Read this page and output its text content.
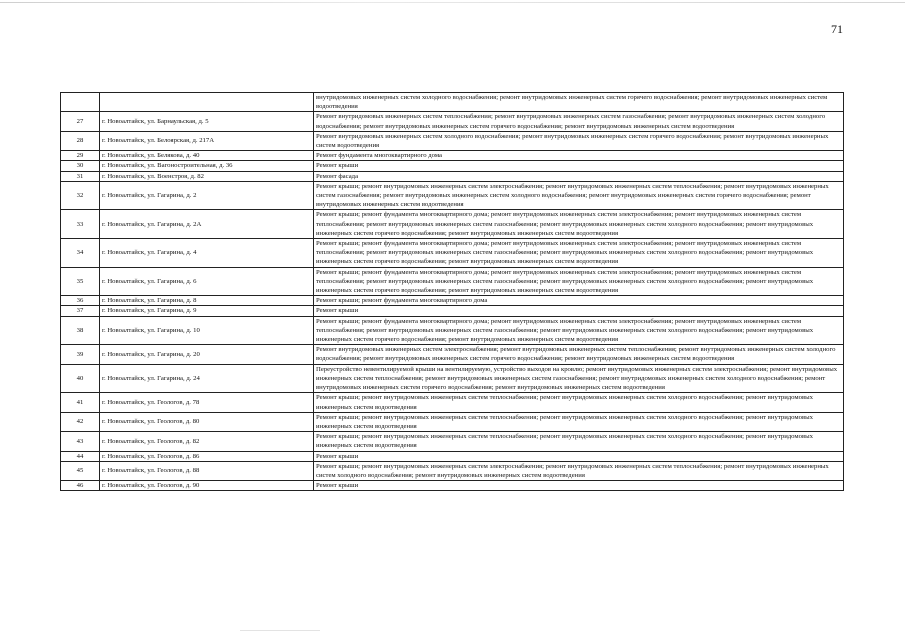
71
		внутридомовых инженерных систем холодного водоснабжения; ремонт внутридомовых инженерных систем горячего водоснабжения; ремонт внутридомовых инженерных систем водоотведения
27	г. Новоалтайск, ул. Барнаульская, д. 5	Ремонт внутридомовых инженерных систем теплоснабжения; ремонт внутридомовых инженерных систем газоснабжения; ремонт внутридомовых инженерных систем холодного водоснабжения; ремонт внутридомовых инженерных систем горячего водоснабжения; ремонт внутридомовых инженерных систем водоотведения
28	г. Новоалтайск, ул. Белоярская, д. 217А	Ремонт внутридомовых инженерных систем холодного водоснабжения; ремонт внутридомовых инженерных систем горячего водоснабжения; ремонт внутридомовых инженерных систем водоотведения
29	г. Новоалтайск, ул. Белякова, д. 40	Ремонт фундамента многоквартирного дома
30	г. Новоалтайск, ул. Вагоностроительная, д. 36	Ремонт крыши
31	г. Новоалтайск, ул. Военстроя, д. 82	Ремонт фасада
32	г. Новоалтайск, ул. Гагарина, д. 2	Ремонт крыши; ремонт внутридомовых инженерных систем электроснабжения; ремонт внутридомовых инженерных систем теплоснабжения; ремонт внутридомовых инженерных систем газоснабжения; ремонт внутридомовых инженерных систем холодного водоснабжения; ремонт внутридомовых инженерных систем горячего водоснабжения; ремонт внутридомовых инженерных систем водоотведения
33	г. Новоалтайск, ул. Гагарина, д. 2А	Ремонт крыши; ремонт фундамента многоквартирного дома; ремонт внутридомовых инженерных систем электроснабжения; ремонт внутридомовых инженерных систем теплоснабжения; ремонт внутридомовых инженерных систем газоснабжения; ремонт внутридомовых инженерных систем холодного водоснабжения; ремонт внутридомовых инженерных систем горячего водоснабжения; ремонт внутридомовых инженерных систем водоотведения
34	г. Новоалтайск, ул. Гагарина, д. 4	Ремонт крыши; ремонт фундамента многоквартирного дома; ремонт внутридомовых инженерных систем электроснабжения; ремонт внутридомовых инженерных систем теплоснабжения; ремонт внутридомовых инженерных систем газоснабжения; ремонт внутридомовых инженерных систем холодного водоснабжения; ремонт внутридомовых инженерных систем горячего водоснабжения; ремонт внутридомовых инженерных систем водоотведения
35	г. Новоалтайск, ул. Гагарина, д. 6	Ремонт крыши; ремонт фундамента многоквартирного дома; ремонт внутридомовых инженерных систем электроснабжения; ремонт внутридомовых инженерных систем теплоснабжения; ремонт внутридомовых инженерных систем газоснабжения; ремонт внутридомовых инженерных систем холодного водоснабжения; ремонт внутридомовых инженерных систем горячего водоснабжения; ремонт внутридомовых инженерных систем водоотведения
36	г. Новоалтайск, ул. Гагарина, д. 8	Ремонт крыши; ремонт фундамента многоквартирного дома
37	г. Новоалтайск, ул. Гагарина, д. 9	Ремонт крыши
38	г. Новоалтайск, ул. Гагарина, д. 10	Ремонт крыши; ремонт фундамента многоквартирного дома; ремонт внутридомовых инженерных систем электроснабжения; ремонт внутридомовых инженерных систем теплоснабжения; ремонт внутридомовых инженерных систем газоснабжения; ремонт внутридомовых инженерных систем холодного водоснабжения; ремонт внутридомовых инженерных систем горячего водоснабжения; ремонт внутридомовых инженерных систем водоотведения
39	г. Новоалтайск, ул. Гагарина, д. 20	Ремонт внутридомовых инженерных систем электроснабжения; ремонт внутридомовых инженерных систем теплоснабжения; ремонт внутридомовых инженерных систем холодного водоснабжения; ремонт внутридомовых инженерных систем горячего водоснабжения; ремонт внутридомовых инженерных систем водоотведения
40	г. Новоалтайск, ул. Гагарина, д. 24	Переустройство невентилируемой крыши на вентилируемую, устройство выходов на кровлю; ремонт внутридомовых инженерных систем электроснабжения; ремонт внутридомовых инженерных систем теплоснабжения; ремонт внутридомовых инженерных систем газоснабжения; ремонт внутридомовых инженерных систем холодного водоснабжения; ремонт внутридомовых инженерных систем горячего водоснабжения; ремонт внутридомовых инженерных систем водоотведения
41	г. Новоалтайск, ул. Геологов, д. 78	Ремонт крыши; ремонт внутридомовых инженерных систем теплоснабжения; ремонт внутридомовых инженерных систем холодного водоснабжения; ремонт внутридомовых инженерных систем водоотведения
42	г. Новоалтайск, ул. Геологов, д. 80	Ремонт крыши; ремонт внутридомовых инженерных систем теплоснабжения; ремонт внутридомовых инженерных систем холодного водоснабжения; ремонт внутридомовых инженерных систем водоотведения
43	г. Новоалтайск, ул. Геологов, д. 82	Ремонт крыши; ремонт внутридомовых инженерных систем теплоснабжения; ремонт внутридомовых инженерных систем холодного водоснабжения; ремонт внутридомовых инженерных систем водоотведения
44	г. Новоалтайск, ул. Геологов, д. 86	Ремонт крыши
45	г. Новоалтайск, ул. Геологов, д. 88	Ремонт крыши; ремонт внутридомовых инженерных систем электроснабжения; ремонт внутридомовых инженерных систем теплоснабжения; ремонт внутридомовых инженерных систем холодного водоснабжения; ремонт внутридомовых инженерных систем водоотведения
46	г. Новоалтайск, ул. Геологов, д. 90	Ремонт крыши
